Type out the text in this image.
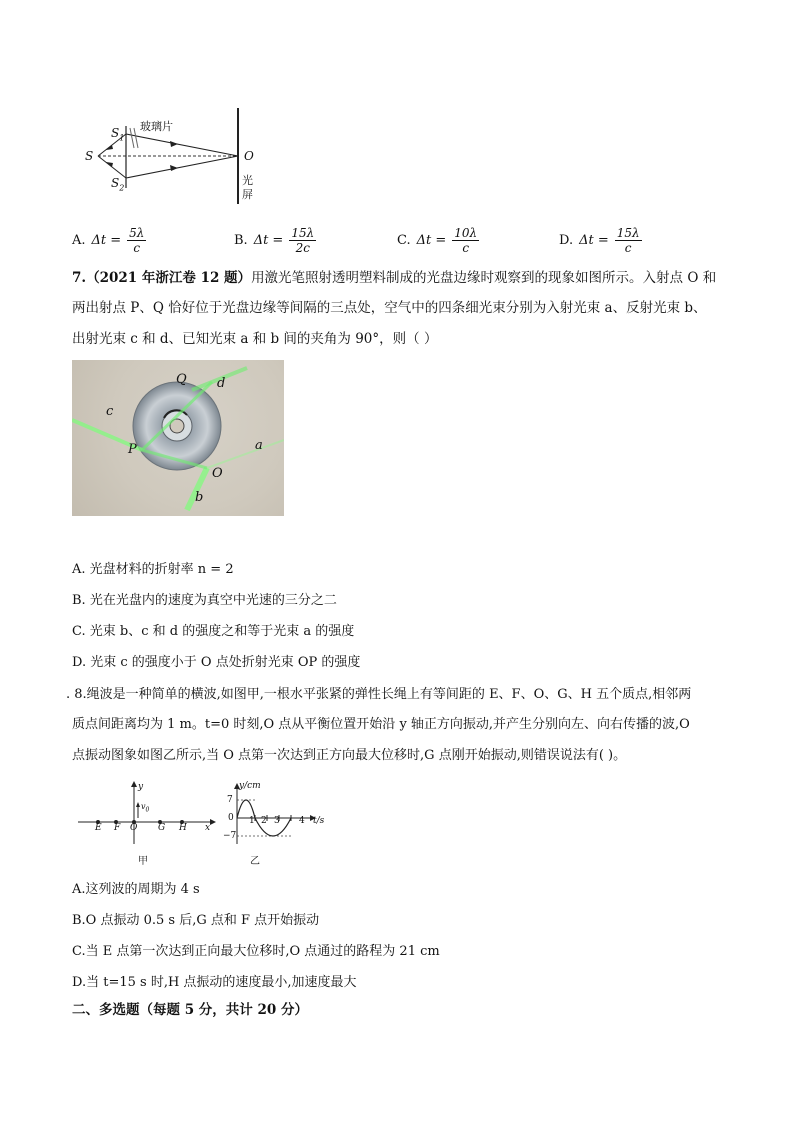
S
$S_1$
$S_2$
玻璃片
O
光
屏
A. $\Delta t = \frac{5\lambda}{c}$	B. $\Delta t = \frac{15\lambda}{2c}$	C. $\Delta t = \frac{10\lambda}{c}$	D. $\Delta t = \frac{15\lambda}{c}$
7.（2021 年浙江卷 12 题）用激光笔照射透明塑料制成的光盘边缘时观察到的现象如图所示。入射点 O 和
两出射点 P、Q 恰好位于光盘边缘等间隔的三点处，空气中的四条细光束分别为入射光束 a、反射光束 b、
出射光束 c 和 d、已知光束 a 和 b 间的夹角为 90°，则（ ）
Q d
c
a
P
O
b
A. 光盘材料的折射率 n = 2
B. 光在光盘内的速度为真空中光速的三分之二
C. 光束 b、c 和 d 的强度之和等于光束 a 的强度
D. 光束 c 的强度小于 O 点处折射光束 OP 的强度
. 8.绳波是一种简单的横波,如图甲,一根水平张紧的弹性长绳上有等间距的 E、F、O、G、H 五个质点,相邻两
质点间距离均为 1 m。t=0 时刻,O 点从平衡位置开始沿 y 轴正方向振动,并产生分别向左、向右传播的波,O
点振动图象如图乙所示,当 O 点第一次达到正方向最大位移时,G 点刚开始振动,则错误说法有( )。
y
$v_0$
E F O G H x
甲
y/cm
7
0
−7
1 2 3 4 t/s
乙
A.这列波的周期为 4 s
B.O 点振动 0.5 s 后,G 点和 F 点开始振动
C.当 E 点第一次达到正向最大位移时,O 点通过的路程为 21 cm
D.当 t=15 s 时,H 点振动的速度最小,加速度最大
二、多选题（每题 5 分，共计 20 分）
